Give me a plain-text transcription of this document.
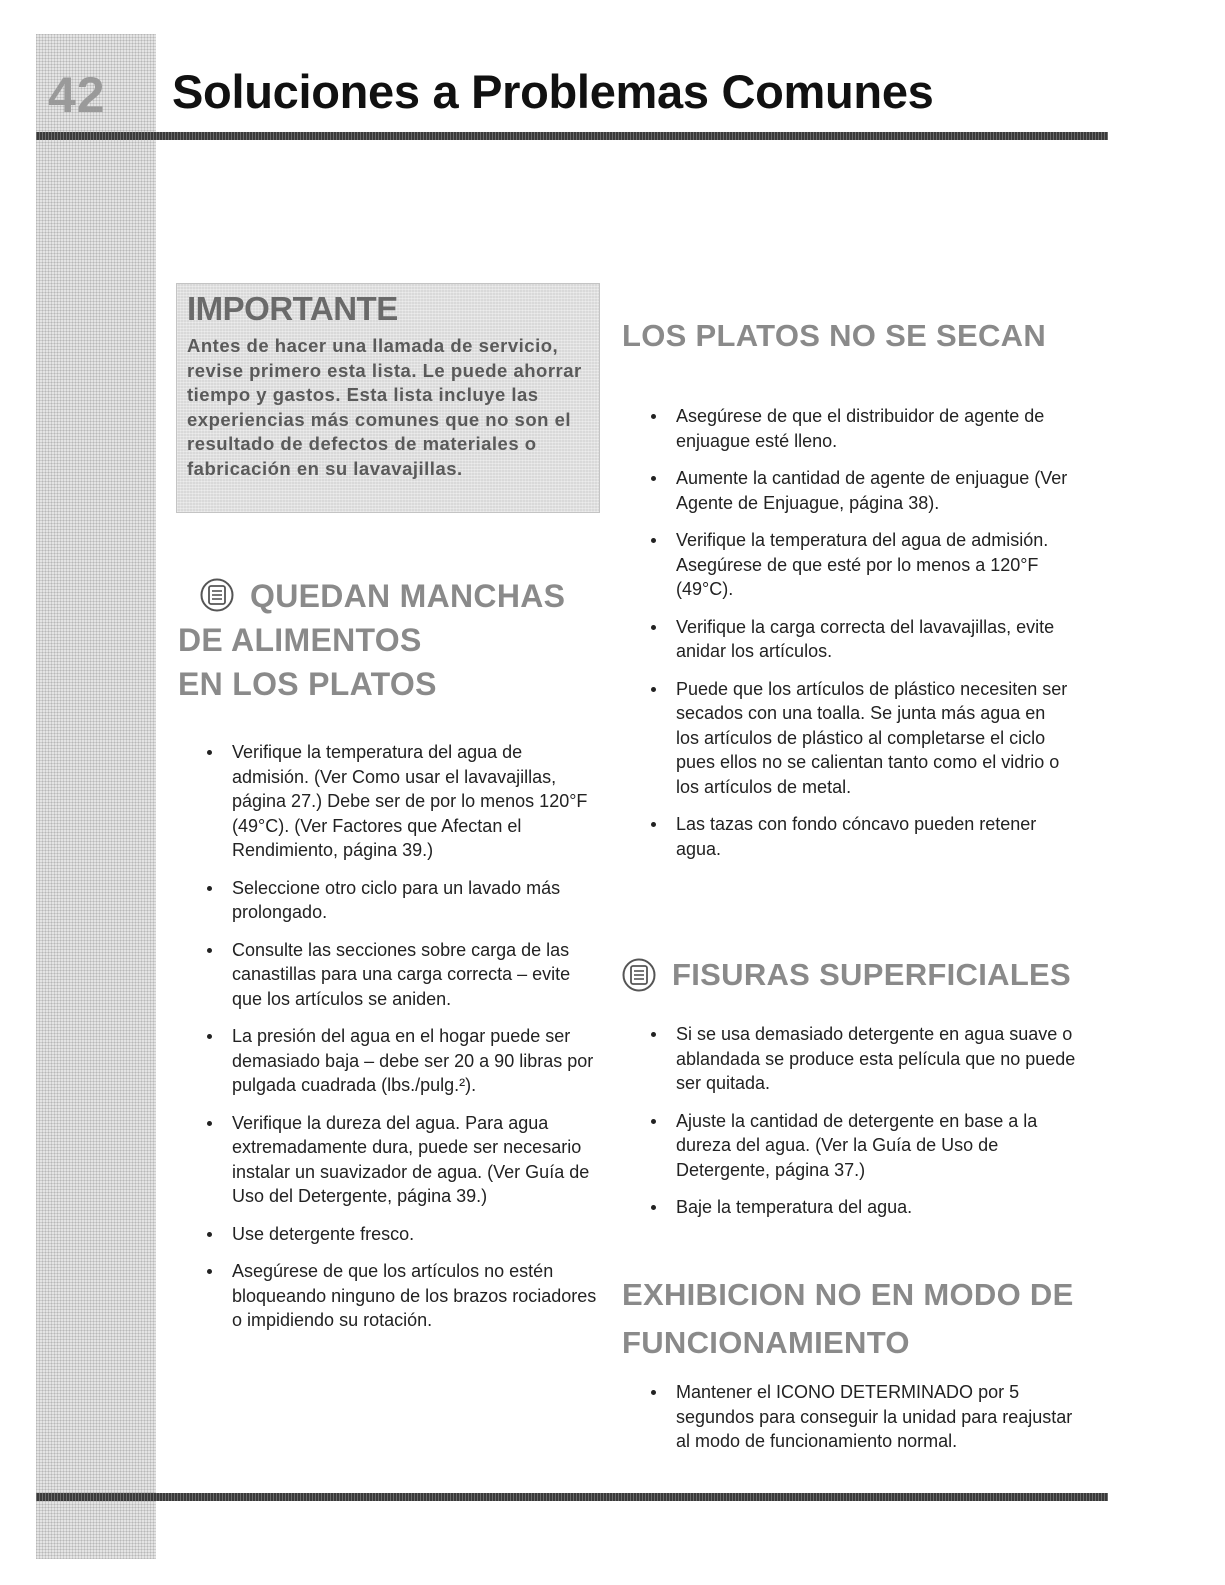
42 Soluciones a Problemas Comunes
IMPORTANTE
Antes de hacer una llamada de servicio, revise primero esta lista. Le puede ahorrar tiempo y gastos. Esta lista incluye las experiencias más comunes que no son el resultado de defectos de materiales o fabricación en su lavavajillas.
QUEDAN MANCHAS
DE ALIMENTOS
EN LOS PLATOS
Verifique la temperatura del agua de admisión. (Ver Como usar el lavavajillas, página 27.) Debe ser de por lo menos 120°F (49°C). (Ver Factores que Afectan el Rendimiento, página 39.)
Seleccione otro ciclo para un lavado más prolongado.
Consulte las secciones sobre carga de las canastillas para una carga correcta – evite que los artículos se aniden.
La presión del agua en el hogar puede ser demasiado baja – debe ser 20 a 90 libras por pulgada cuadrada (lbs./pulg.²).
Verifique la dureza del agua. Para agua extremadamente dura, puede ser necesario instalar un suavizador de agua. (Ver Guía de Uso del Detergente, página 39.)
Use detergente fresco.
Asegúrese de que los artículos no estén bloqueando ninguno de los brazos rociadores o impidiendo su rotación.
LOS PLATOS NO SE SECAN
Asegúrese de que el distribuidor de agente de enjuague esté lleno.
Aumente la cantidad de agente de enjuague (Ver Agente de Enjuague, página 38).
Verifique la temperatura del agua de admisión. Asegúrese de que esté por lo menos a 120°F (49°C).
Verifique la carga correcta del lavavajillas, evite anidar los artículos.
Puede que los artículos de plástico necesiten ser secados con una toalla. Se junta más agua en los artículos de plástico al completarse el ciclo pues ellos no se calientan tanto como el vidrio o los artículos de metal.
Las tazas con fondo cóncavo pueden retener agua.
FISURAS SUPERFICIALES
Si se usa demasiado detergente en agua suave o ablandada se produce esta película que no puede ser quitada.
Ajuste la cantidad de detergente en base a la dureza del agua. (Ver la Guía de Uso de Detergente, página 37.)
Baje la temperatura del agua.
EXHIBICION NO EN MODO DE FUNCIONAMIENTO
Mantener el ICONO DETERMINADO por 5 segundos para conseguir la unidad para reajustar al modo de funcionamiento normal.
